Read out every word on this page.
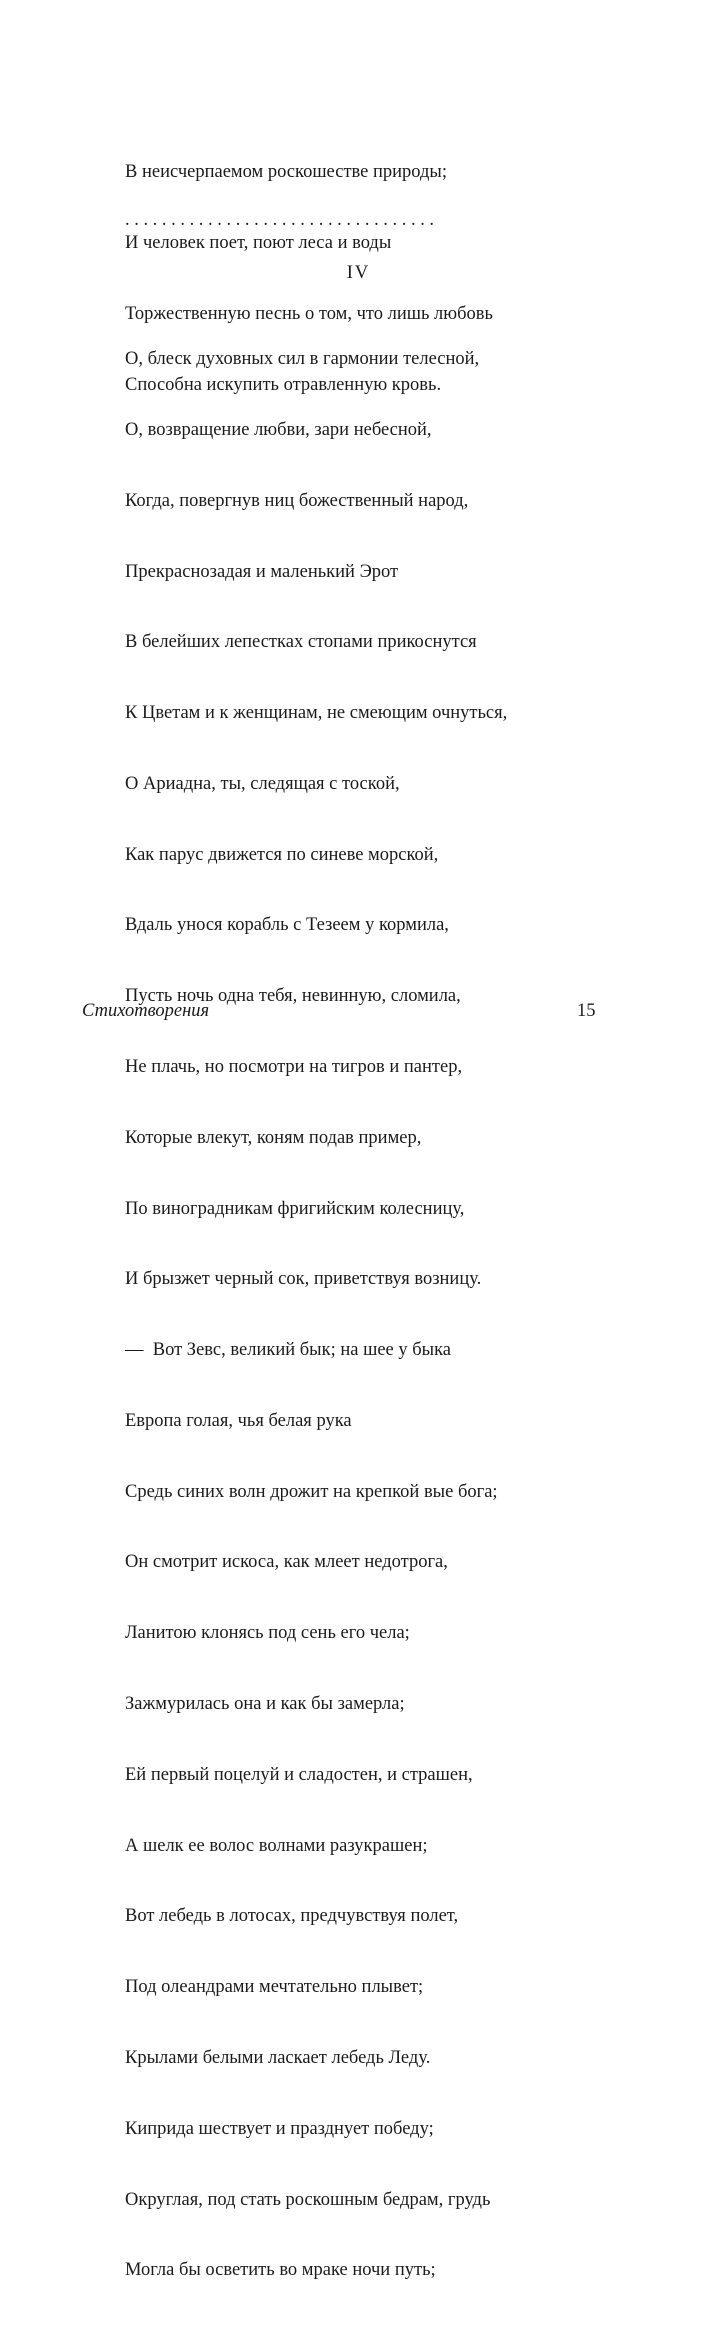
В неисчерпаемом роскошестве природы;

И человек поет, поют леса и воды

Торжественную песнь о том, что лишь любовь

Способна искупить отравленную кровь.

..................................
IV

О, блеск духовных сил в гармонии телесной,

О, возвращение любви, зари небесной,

Когда, повергнув ниц божественный народ,

Прекраснозадая и маленький Эрот

В белейших лепестках стопами прикоснутся

К Цветам и к женщинам, не смеющим очнуться,

О Ариадна, ты, следящая с тоской,

Как парус движется по синеве морской,

Вдаль унося корабль с Тезеем у кормила,

Пусть ночь одна тебя, невинную, сломила,

Не плачь, но посмотри на тигров и пантер,

Которые влекут, коням подав пример,

По виноградникам фригийским колесницу,

И брызжет черный сок, приветствуя возницу.

—  Вот Зевс, великий бык; на шее у быка

Европа голая, чья белая рука

Средь синих волн дрожит на крепкой вые бога;

Он смотрит искоса, как млеет недотрога,

Ланитою клонясь под сень его чела;

Зажмурилась она и как бы замерла;

Ей первый поцелуй и сладостен, и страшен,

А шелк ее волос волнами разукрашен;

Вот лебедь в лотосах, предчувствуя полет,

Под олеандрами мечтательно плывет;

Крылами белыми ласкает лебедь Леду.

Киприда шествует и празднует победу;

Округлая, под стать роскошным бедрам, грудь

Могла бы осветить во мраке ночи путь;

Стихотворения	15
